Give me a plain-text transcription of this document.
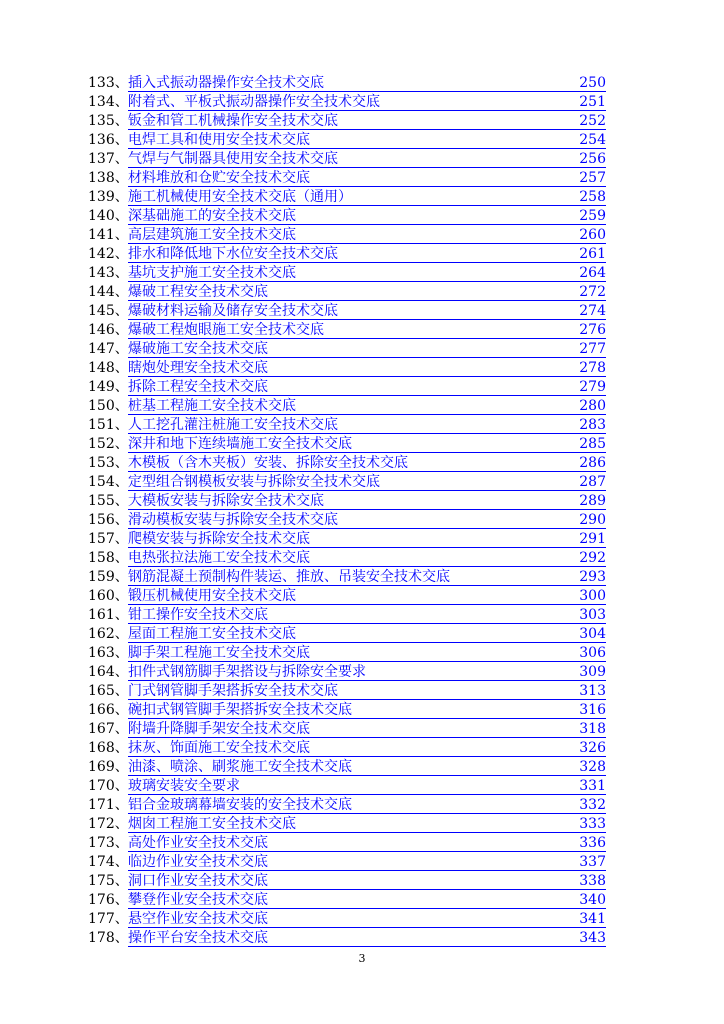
133、 插入式振动器操作安全技术交底	250
134、 附着式、平板式振动器操作安全技术交底	251
135、 钣金和管工机械操作安全技术交底	252
136、 电焊工具和使用安全技术交底	254
137、 气焊与气制器具使用安全技术交底	256
138、 材料堆放和仓贮安全技术交底	257
139、 施工机械使用安全技术交底（通用）	258
140、 深基础施工的安全技术交底	259
141、 高层建筑施工安全技术交底	260
142、 排水和降低地下水位安全技术交底	261
143、 基坑支护施工安全技术交底	264
144、 爆破工程安全技术交底	272
145、 爆破材料运输及储存安全技术交底	274
146、 爆破工程炮眼施工安全技术交底	276
147、 爆破施工安全技术交底	277
148、 瞎炮处理安全技术交底	278
149、 拆除工程安全技术交底	279
150、 桩基工程施工安全技术交底	280
151、 人工挖孔灌注桩施工安全技术交底	283
152、 深井和地下连续墙施工安全技术交底	285
153、 木模板（含木夹板）安装、拆除安全技术交底	286
154、 定型组合钢模板安装与拆除安全技术交底	287
155、 大模板安装与拆除安全技术交底	289
156、 滑动模板安装与拆除安全技术交底	290
157、 爬模安装与拆除安全技术交底	291
158、 电热张拉法施工安全技术交底	292
159、 钢筋混凝土预制构件装运、推放、吊装安全技术交底	293
160、 锻压机械使用安全技术交底	300
161、 钳工操作安全技术交底	303
162、 屋面工程施工安全技术交底	304
163、 脚手架工程施工安全技术交底	306
164、 扣件式钢筋脚手架搭设与拆除安全要求	309
165、 门式钢管脚手架搭拆安全技术交底	313
166、 碗扣式钢管脚手架搭拆安全技术交底	316
167、 附墙升降脚手架安全技术交底	318
168、 抹灰、饰面施工安全技术交底	326
169、 油漆、喷涂、刷浆施工安全技术交底	328
170、 玻璃安装安全要求	331
171、 铝合金玻璃幕墙安装的安全技术交底	332
172、 烟囱工程施工安全技术交底	333
173、 高处作业安全技术交底	336
174、 临边作业安全技术交底	337
175、 洞口作业安全技术交底	338
176、 攀登作业安全技术交底	340
177、 悬空作业安全技术交底	341
178、 操作平台安全技术交底	343
3
